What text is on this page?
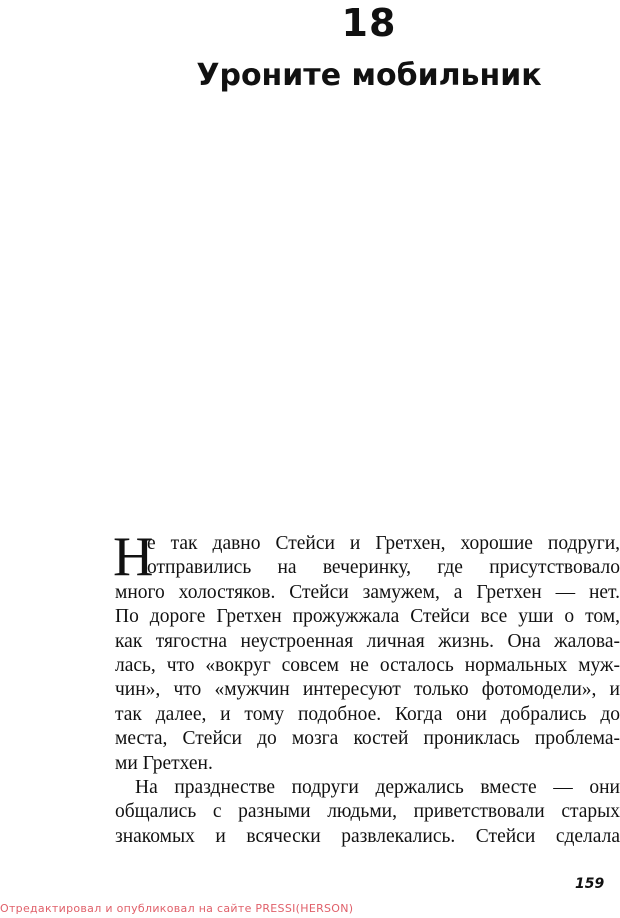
18
Уроните мобильник
Н
е так давно Стейси и Гретхен, хорошие подруги,
отправились на вечеринку, где присутствовало
много холостяков. Стейси замужем, а Гретхен — нет.
По дороге Гретхен прожужжала Стейси все уши о том,
как тягостна неустроенная личная жизнь. Она жалова-
лась, что «вокруг совсем не осталось нормальных муж-
чин», что «мужчин интересуют только фотомодели», и
так далее, и тому подобное. Когда они добрались до
места, Стейси до мозга костей прониклась проблема-
ми Гретхен.
На празднестве подруги держались вместе — они
общались с разными людьми, приветствовали старых
знакомых и всячески развлекались. Стейси сделала
159
Отредактировал и опубликовал на сайте PRESSI(HERSON)
